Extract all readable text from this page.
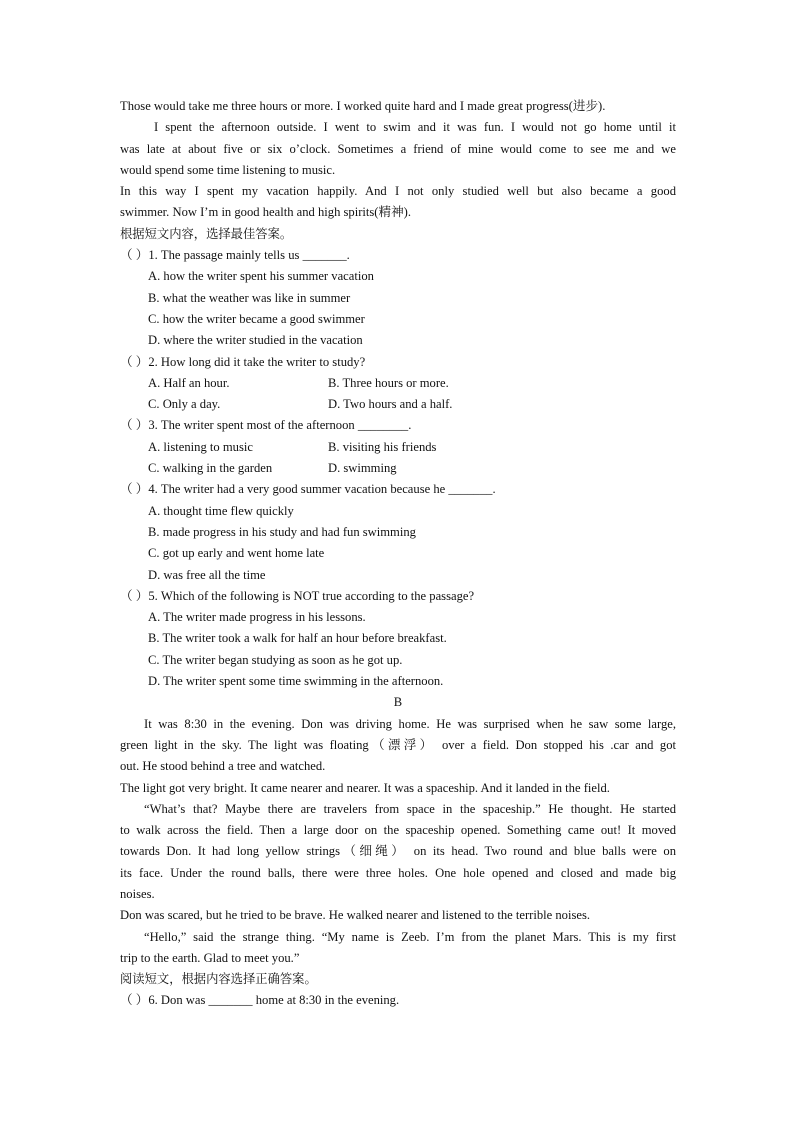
Those would take me three hours or more. I worked quite hard and I made great progress(进步).
I spent the afternoon outside. I went to swim and it was fun. I would not go home until it
was late at about five or six o’clock. Sometimes a friend of mine would come to see me and we
would spend some time listening to music.
In this way I spent my vacation happily. And I not only studied well but also became a good
swimmer. Now I’m in good health and high spirits(精神).
根据短文内容，选择最佳答案。
（ ）1. The passage mainly tells us _______.
A. how the writer spent his summer vacation
B. what the weather was like in summer
C. how the writer became a good swimmer
D. where the writer studied in the vacation
（ ）2. How long did it take the writer to study?
A. Half an hour.	B. Three hours or more.
C. Only a day.	D. Two hours and a half.
（ ）3. The writer spent most of the afternoon ________.
A. listening to music	B. visiting his friends
C. walking in the garden	D. swimming
（ ）4. The writer had a very good summer vacation because he _______.
A. thought time flew quickly
B. made progress in his study and had fun swimming
C. got up early and went home late
D. was free all the time
（ ）5. Which of the following is NOT true according to the passage?
A. The writer made progress in his lessons.
B. The writer took a walk for half an hour before breakfast.
C. The writer began studying as soon as he got up.
D. The writer spent some time swimming in the afternoon.
B
It was 8:30 in the evening. Don was driving home. He was surprised when he saw some large,
green light in the sky. The light was floating（漂浮） over a field. Don stopped his .car and got
out. He stood behind a tree and watched.
The light got very bright. It came nearer and nearer. It was a spaceship. And it landed in the field.
“What’s that? Maybe there are travelers from space in the spaceship.” He thought. He started
to walk across the field. Then a large door on the spaceship opened. Something came out! It moved
towards Don. It had long yellow strings（细绳） on its head. Two round and blue balls were on
its face. Under the round balls, there were three holes. One hole opened and closed and made big
noises.
Don was scared, but he tried to be brave. He walked nearer and listened to the terrible noises.
“Hello,” said the strange thing. “My name is Zeeb. I’m from the planet Mars. This is my first
trip to the earth. Glad to meet you.”
阅读短文，根据内容选择正确答案。
（ ）6. Don was _______ home at 8:30 in the evening.
